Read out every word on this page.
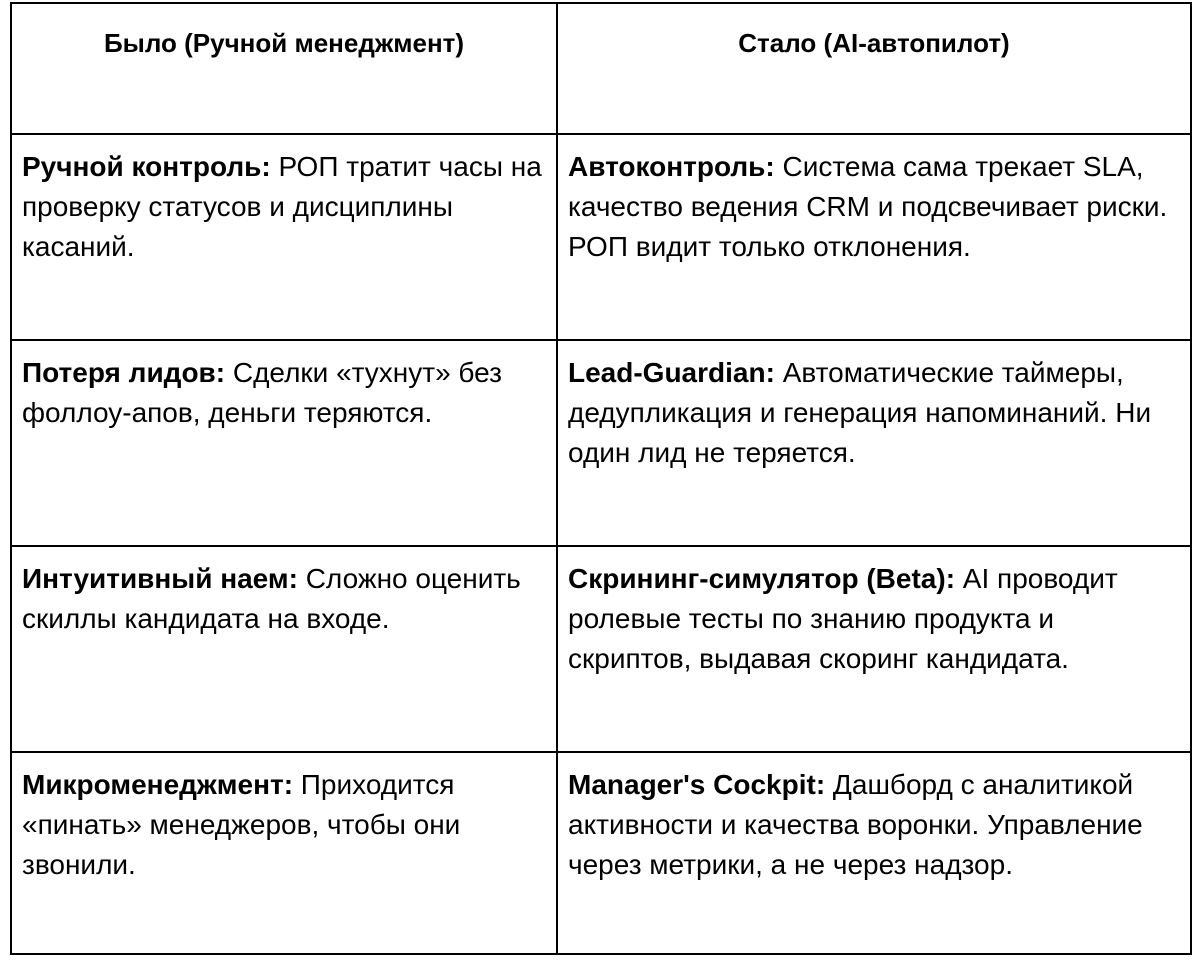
Было (Ручной менеджмент)	Стало (AI-автопилот)
Ручной контроль: РОП тратит часы на проверку статусов и дисциплины касаний.	Автоконтроль: Система сама трекает SLA, качество ведения CRM и подсвечивает риски. РОП видит только отклонения.
Потеря лидов: Сделки «тухнут» без фоллоу-апов, деньги теряются.	Lead-Guardian: Автоматические таймеры, дедупликация и генерация напоминаний. Ни один лид не теряется.
Интуитивный наем: Сложно оценить скиллы кандидата на входе.	Скрининг-симулятор (Beta): AI проводит ролевые тесты по знанию продукта и скриптов, выдавая скоринг кандидата.
Микроменеджмент: Приходится «пинать» менеджеров, чтобы они звонили.	Manager's Cockpit: Дашборд с аналитикой активности и качества воронки. Управление через метрики, а не через надзор.
